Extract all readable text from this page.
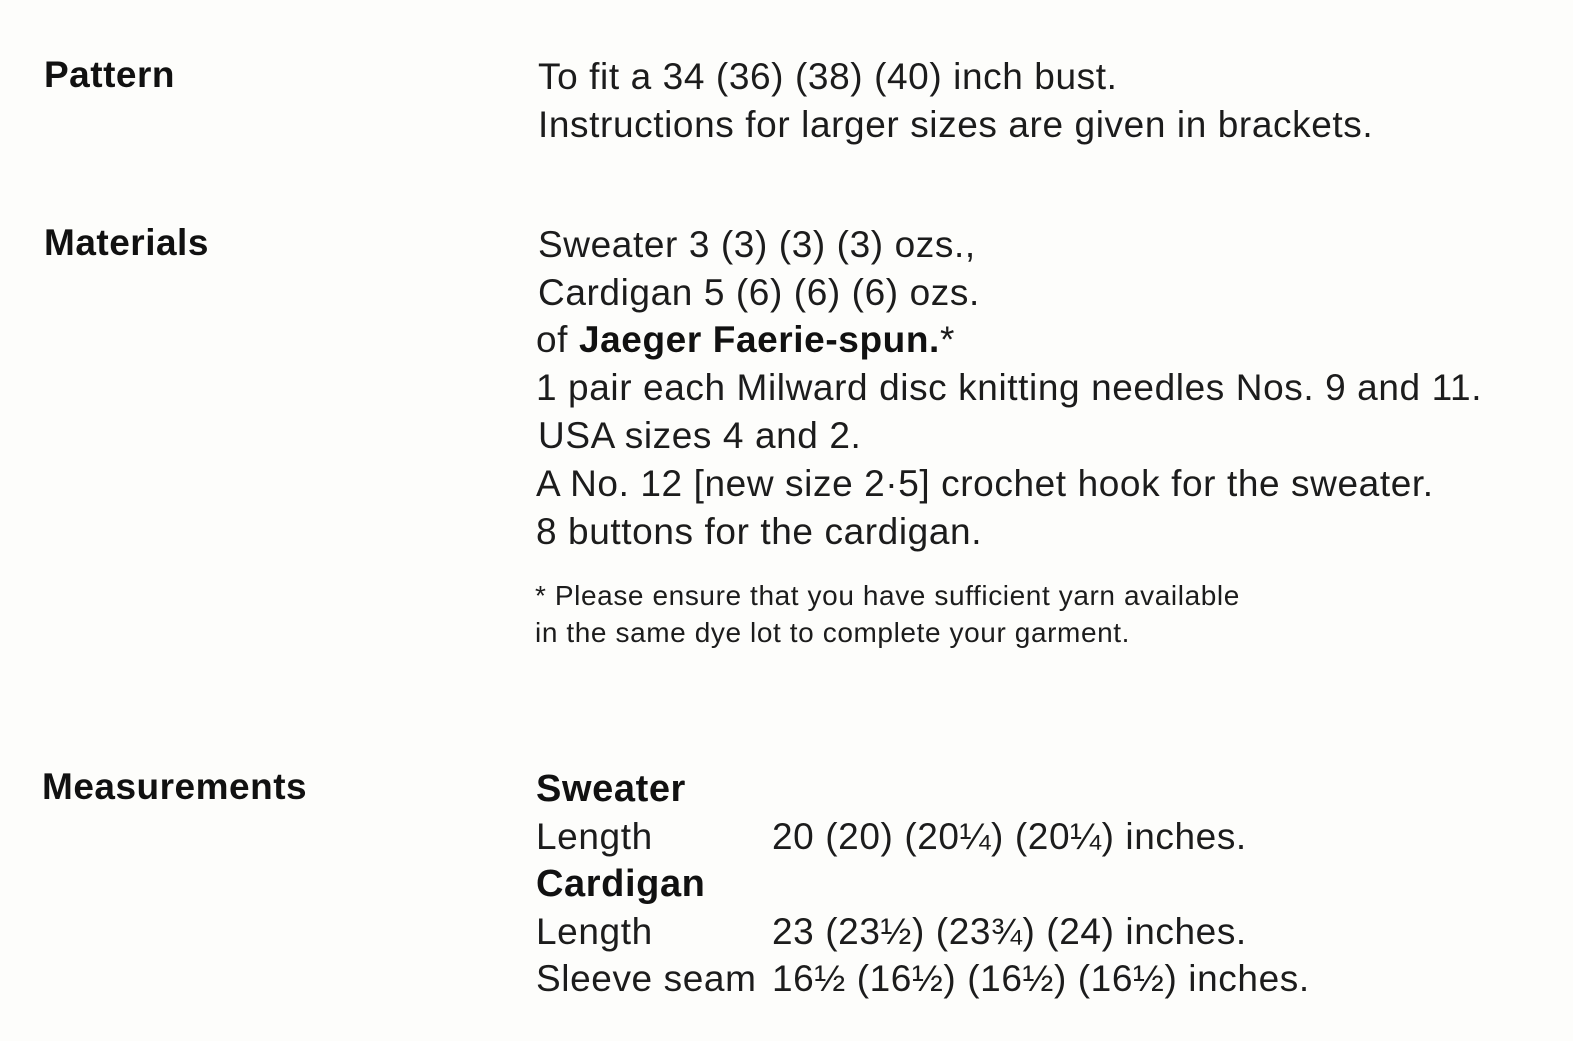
Pattern	To fit a 34 (36) (38) (40) inch bust.
Instructions for larger sizes are given in brackets.
Materials	Sweater 3 (3) (3) (3) ozs.,
Cardigan 5 (6) (6) (6) ozs.
of Jaeger Faerie-spun.*
1 pair each Milward disc knitting needles Nos. 9 and 11.
USA sizes 4 and 2.
A No. 12 [new size 2·5] crochet hook for the sweater.
8 buttons for the cardigan.
* Please ensure that you have sufficient yarn available in the same dye lot to complete your garment.
Measurements	Sweater
Length	20 (20) (20¼) (20¼) inches.
Cardigan
Length	23 (23½) (23¾) (24) inches.
Sleeve seam 16½ (16½) (16½) (16½) inches.
